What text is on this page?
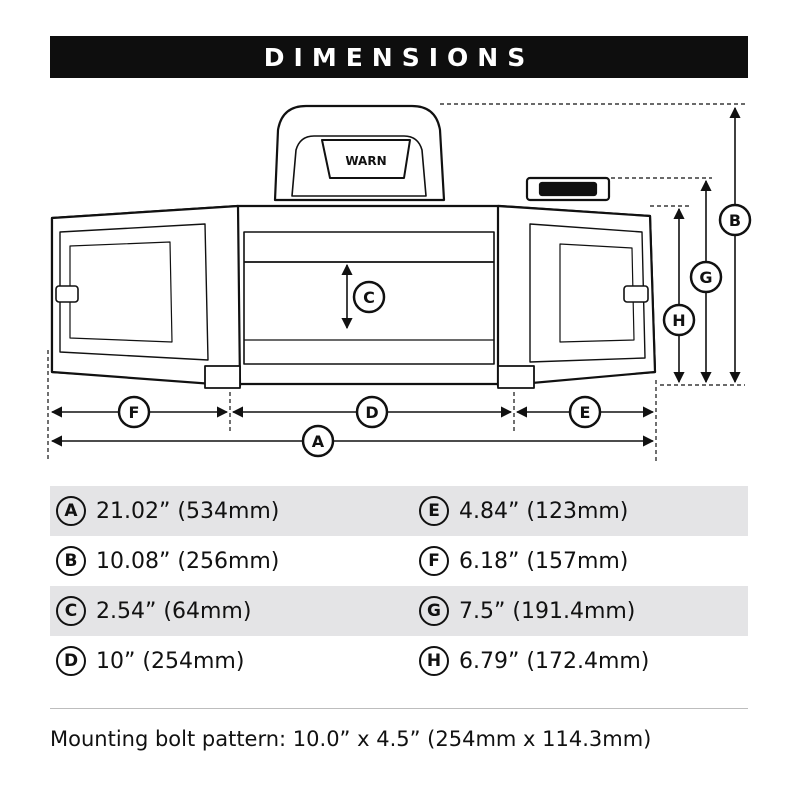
DIMENSIONS
WARN
B
G
H
C
F	D	E
A
A 21.02” (534mm)	E 4.84” (123mm)
B 10.08” (256mm)	F 6.18” (157mm)
C 2.54” (64mm)	G 7.5” (191.4mm)
D 10” (254mm)	H 6.79” (172.4mm)
Mounting bolt pattern: 10.0” x 4.5” (254mm x 114.3mm)
